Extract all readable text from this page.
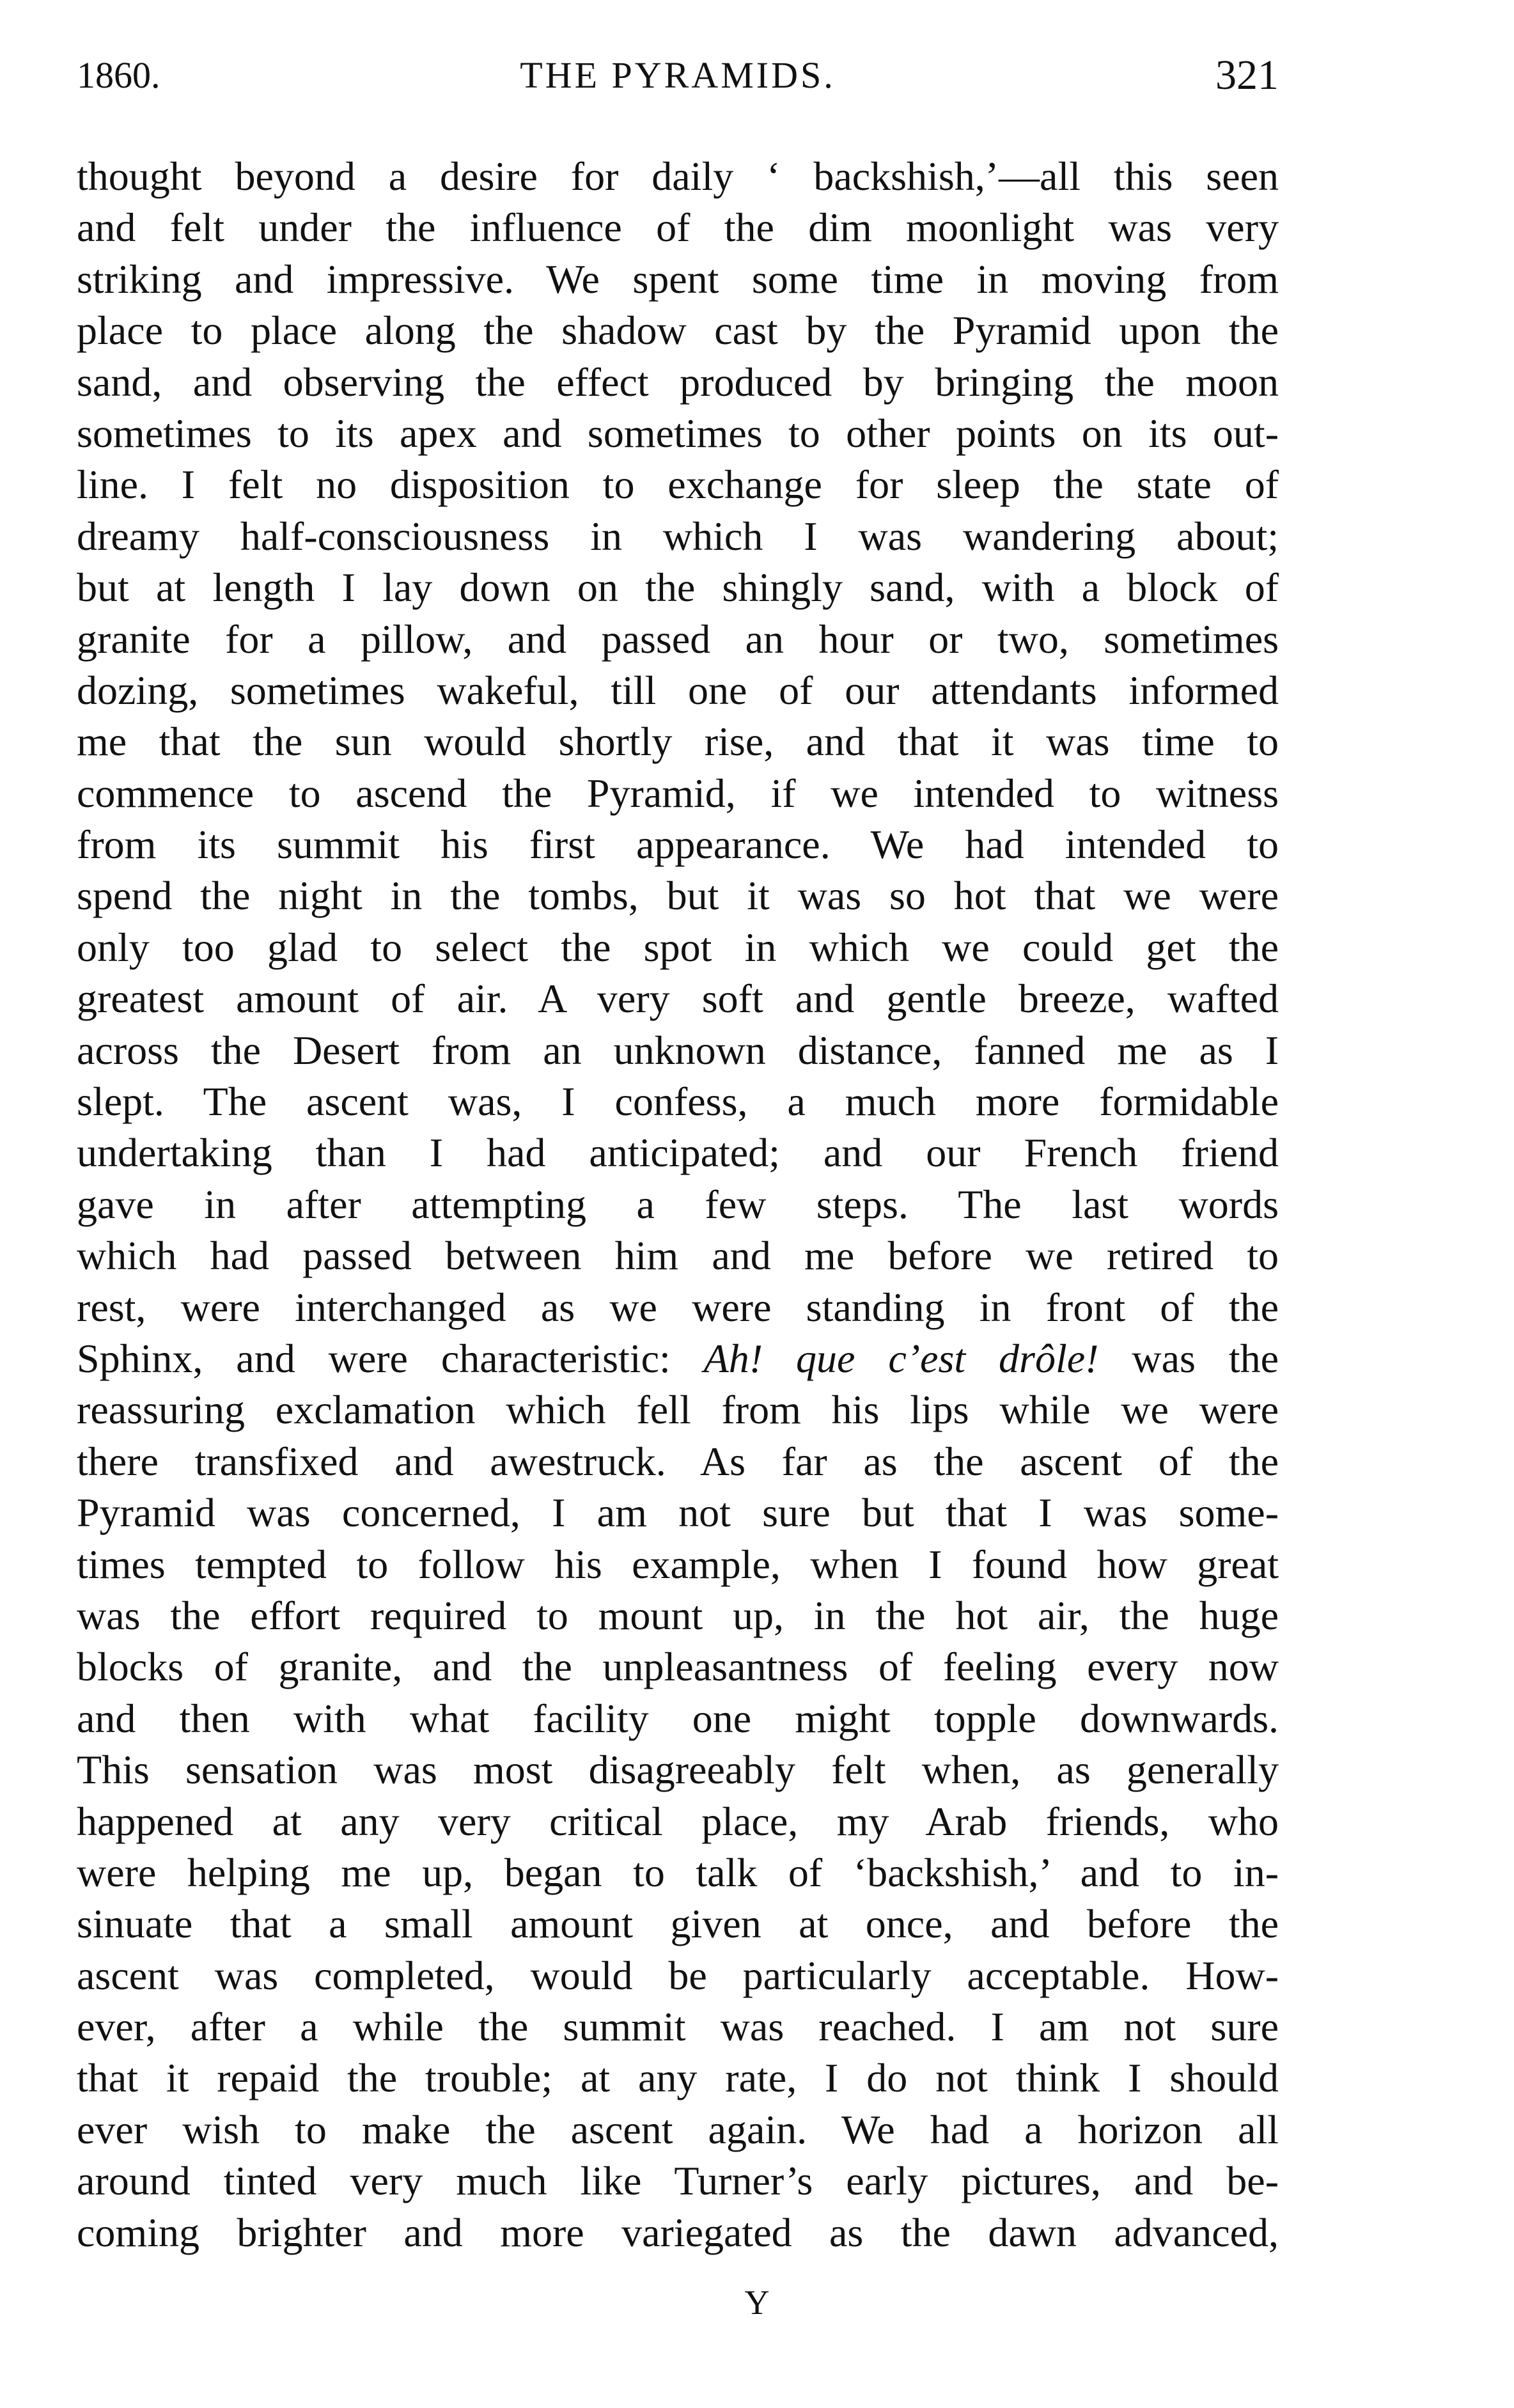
1860.	THE PYRAMIDS.	321
thought beyond a desire for daily ‘ backshish,’—all this seen
and felt under the influence of the dim moonlight was very
striking and impressive. We spent some time in moving from
place to place along the shadow cast by the Pyramid upon the
sand, and observing the effect produced by bringing the moon
sometimes to its apex and sometimes to other points on its out-
line. I felt no disposition to exchange for sleep the state of
dreamy half-consciousness in which I was wandering about;
but at length I lay down on the shingly sand, with a block of
granite for a pillow, and passed an hour or two, sometimes
dozing, sometimes wakeful, till one of our attendants informed
me that the sun would shortly rise, and that it was time to
commence to ascend the Pyramid, if we intended to witness
from its summit his first appearance. We had intended to
spend the night in the tombs, but it was so hot that we were
only too glad to select the spot in which we could get the
greatest amount of air. A very soft and gentle breeze, wafted
across the Desert from an unknown distance, fanned me as I
slept. The ascent was, I confess, a much more formidable
undertaking than I had anticipated; and our French friend
gave in after attempting a few steps. The last words
which had passed between him and me before we retired to
rest, were interchanged as we were standing in front of the
Sphinx, and were characteristic: Ah! que c’est drôle! was the
reassuring exclamation which fell from his lips while we were
there transfixed and awestruck. As far as the ascent of the
Pyramid was concerned, I am not sure but that I was some-
times tempted to follow his example, when I found how great
was the effort required to mount up, in the hot air, the huge
blocks of granite, and the unpleasantness of feeling every now
and then with what facility one might topple downwards.
This sensation was most disagreeably felt when, as generally
happened at any very critical place, my Arab friends, who
were helping me up, began to talk of ‘backshish,’ and to in-
sinuate that a small amount given at once, and before the
ascent was completed, would be particularly acceptable. How-
ever, after a while the summit was reached. I am not sure
that it repaid the trouble; at any rate, I do not think I should
ever wish to make the ascent again. We had a horizon all
around tinted very much like Turner’s early pictures, and be-
coming brighter and more variegated as the dawn advanced,
Y
